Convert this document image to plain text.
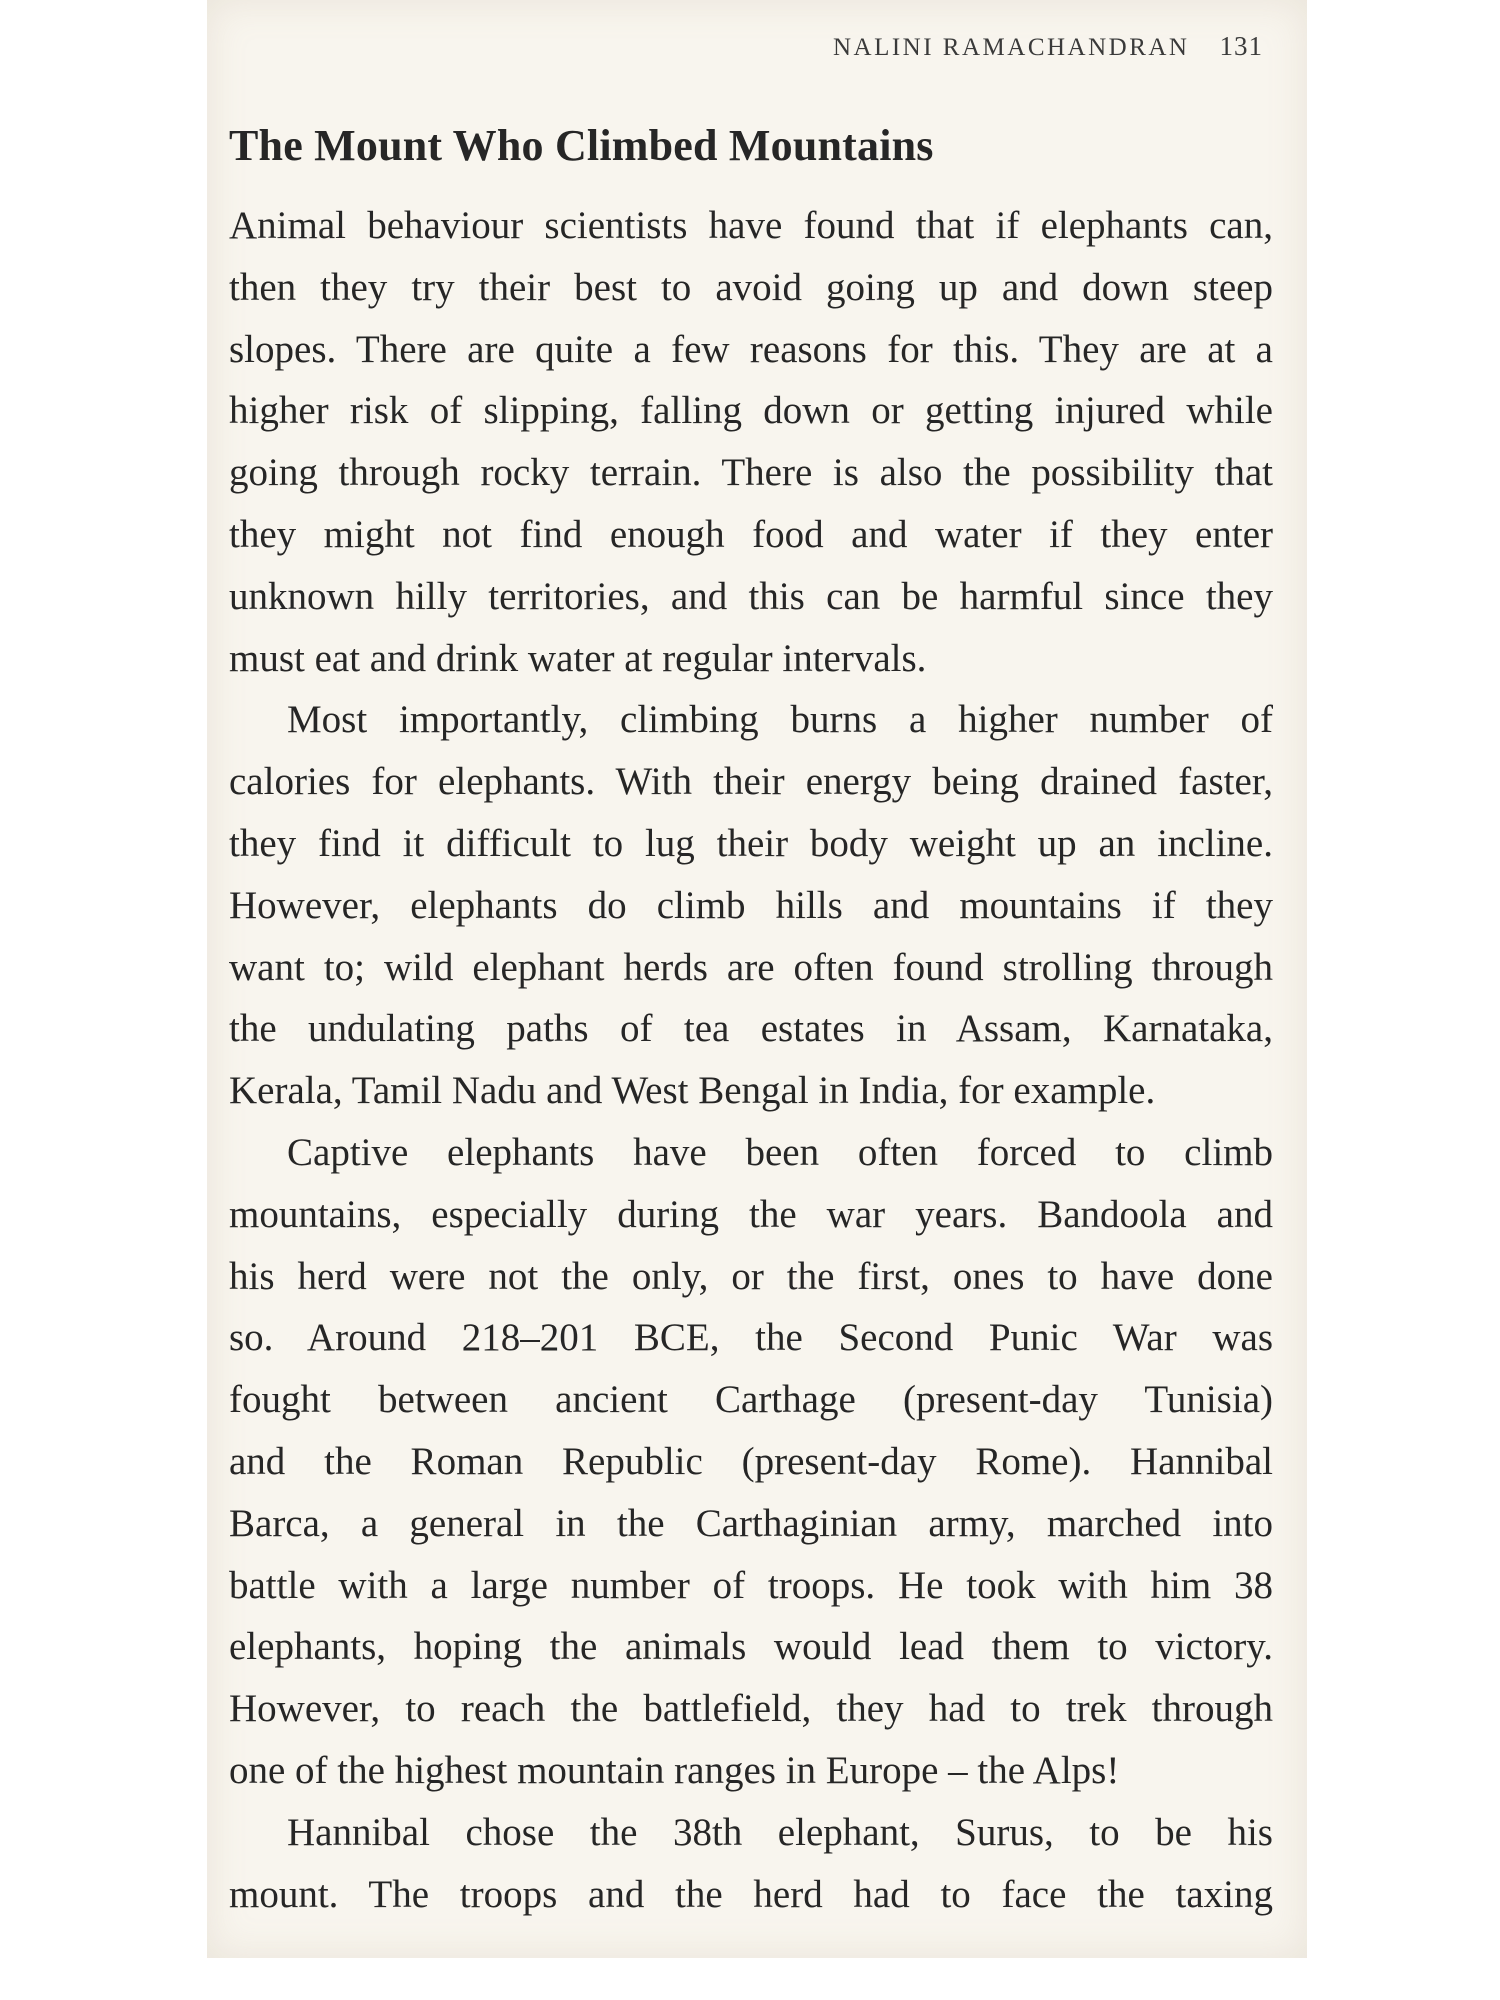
NALINI RAMACHANDRAN 131
The Mount Who Climbed Mountains
Animal behaviour scientists have found that if elephants can,
then they try their best to avoid going up and down steep
slopes. There are quite a few reasons for this. They are at a
higher risk of slipping, falling down or getting injured while
going through rocky terrain. There is also the possibility that
they might not find enough food and water if they enter
unknown hilly territories, and this can be harmful since they
must eat and drink water at regular intervals.
Most importantly, climbing burns a higher number of
calories for elephants. With their energy being drained faster,
they find it difficult to lug their body weight up an incline.
However, elephants do climb hills and mountains if they
want to; wild elephant herds are often found strolling through
the undulating paths of tea estates in Assam, Karnataka,
Kerala, Tamil Nadu and West Bengal in India, for example.
Captive elephants have been often forced to climb
mountains, especially during the war years. Bandoola and
his herd were not the only, or the first, ones to have done
so. Around 218–201 BCE, the Second Punic War was
fought between ancient Carthage (present-day Tunisia)
and the Roman Republic (present-day Rome). Hannibal
Barca, a general in the Carthaginian army, marched into
battle with a large number of troops. He took with him 38
elephants, hoping the animals would lead them to victory.
However, to reach the battlefield, they had to trek through
one of the highest mountain ranges in Europe – the Alps!
Hannibal chose the 38th elephant, Surus, to be his
mount. The troops and the herd had to face the taxing
